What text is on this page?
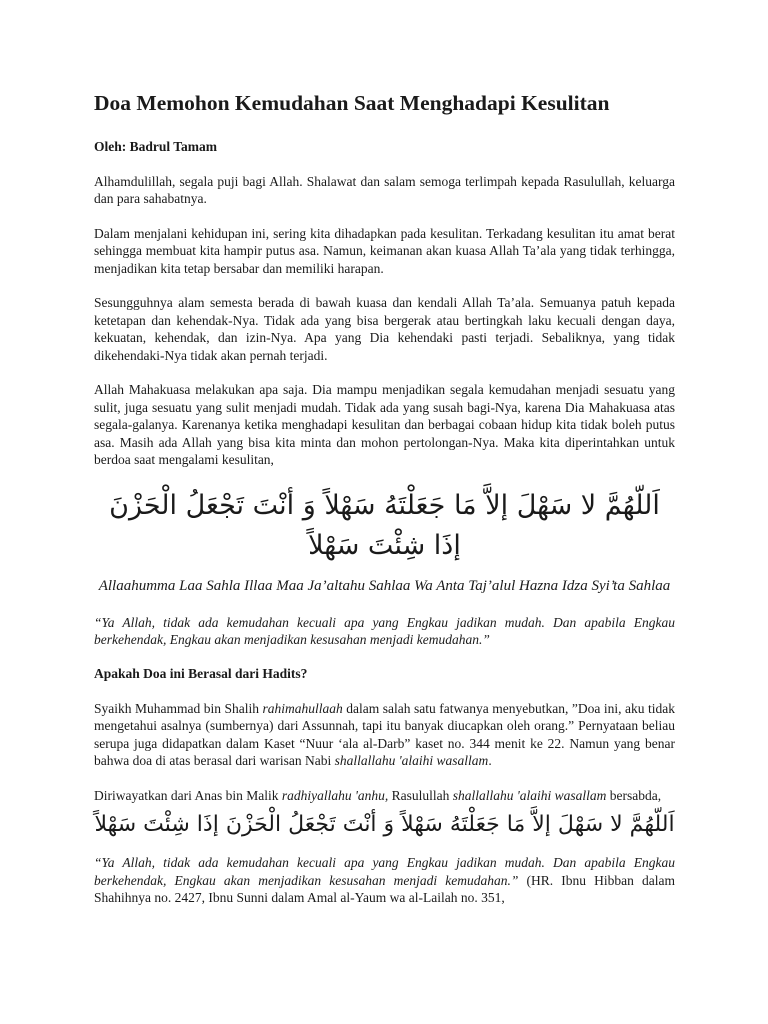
Doa Memohon Kemudahan Saat Menghadapi Kesulitan
Oleh: Badrul Tamam

Alhamdulillah, segala puji bagi Allah. Shalawat dan salam semoga terlimpah kepada Rasulullah, keluarga dan para sahabatnya.

Dalam menjalani kehidupan ini, sering kita dihadapkan pada kesulitan. Terkadang kesulitan itu amat berat sehingga membuat kita hampir putus asa. Namun, keimanan akan kuasa Allah Ta’ala yang tidak terhingga, menjadikan kita tetap bersabar dan memiliki harapan.

Sesungguhnya alam semesta berada di bawah kuasa dan kendali Allah Ta’ala. Semuanya patuh kepada ketetapan dan kehendak-Nya. Tidak ada yang bisa bergerak atau bertingkah laku kecuali dengan daya, kekuatan, kehendak, dan izin-Nya. Apa yang Dia kehendaki pasti terjadi. Sebaliknya, yang tidak dikehendaki-Nya tidak akan pernah terjadi.

Allah Mahakuasa melakukan apa saja. Dia mampu menjadikan segala kemudahan menjadi sesuatu yang sulit, juga sesuatu yang sulit menjadi mudah. Tidak ada yang susah bagi-Nya, karena Dia Mahakuasa atas segala-galanya. Karenanya ketika menghadapi kesulitan dan berbagai cobaan hidup kita tidak boleh putus asa. Masih ada Allah yang bisa kita minta dan mohon pertolongan-Nya. Maka kita diperintahkan untuk berdoa saat mengalami kesulitan,

اَللّهُمَّ لا سَهْلَ إلاَّ مَا جَعَلْتَهُ سَهْلاً وَ أنْتَ تَجْعَلُ الْحَزْنَ إذَا شِئْتَ سَهْلاً
Allaahumma Laa Sahla Illaa Maa Ja’altahu Sahlaa Wa Anta Taj’alul Hazna Idza Syi’ta Sahlaa

“Ya Allah, tidak ada kemudahan kecuali apa yang Engkau jadikan mudah. Dan apabila Engkau berkehendak, Engkau akan menjadikan kesusahan menjadi kemudahan.”

Apakah Doa ini Berasal dari Hadits?

Syaikh Muhammad bin Shalih rahimahullaah dalam salah satu fatwanya menyebutkan, ”Doa ini, aku tidak mengetahui asalnya (sumbernya) dari Assunnah, tapi itu banyak diucapkan oleh orang.” Pernyataan beliau serupa juga didapatkan dalam Kaset “Nuur ‘ala al-Darb” kaset no. 344 menit ke 22. Namun yang benar bahwa doa di atas berasal dari warisan Nabi shallallahu 'alaihi wasallam.

Diriwayatkan dari Anas bin Malik radhiyallahu 'anhu, Rasulullah shallallahu 'alaihi wasallam bersabda,

اَللّهُمَّ لا سَهْلَ إلاَّ مَا جَعَلْتَهُ سَهْلاً وَ أنْتَ تَجْعَلُ الْحَزْنَ إذَا شِئْتَ سَهْلاً

“Ya Allah, tidak ada kemudahan kecuali apa yang Engkau jadikan mudah. Dan apabila Engkau berkehendak, Engkau akan menjadikan kesusahan menjadi kemudahan.” (HR. Ibnu Hibban dalam Shahihnya no. 2427, Ibnu Sunni dalam Amal al-Yaum wa al-Lailah no. 351,
